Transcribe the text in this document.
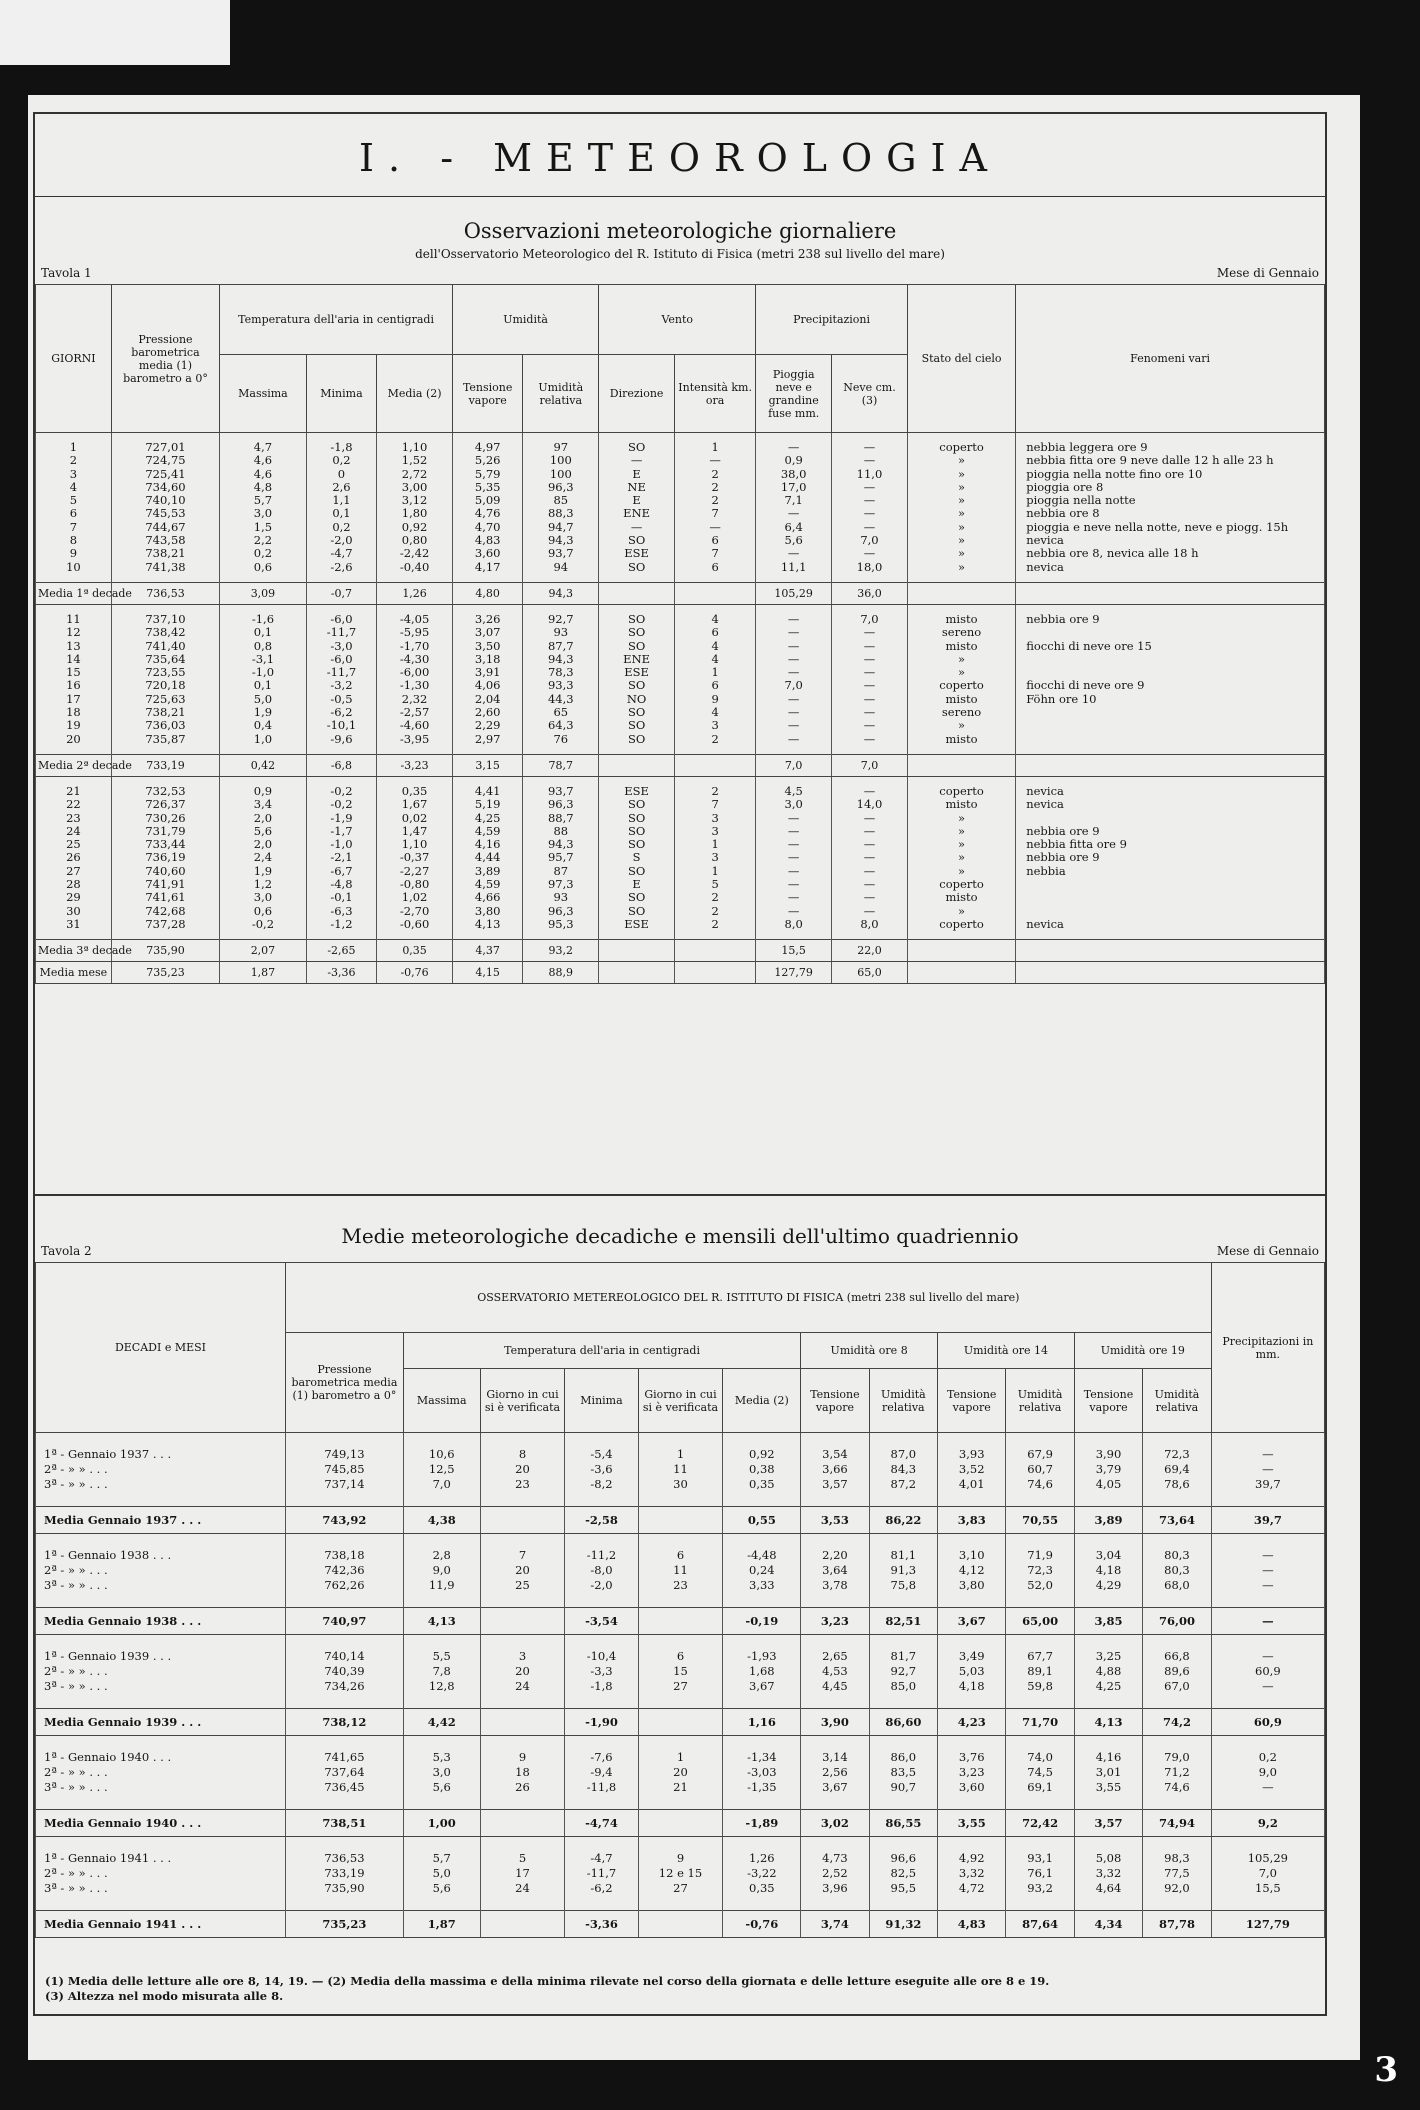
I. - METEOROLOGIA
Osservazioni meteorologiche giornaliere
dell'Osservatorio Meteorologico del R. Istituto di Fisica (metri 238 sul livello del mare)
Tavola 1	Mese di Gennaio
GIORNI	Pressione barometrica media (1) barometro a 0°	Temperatura dell'aria in centigradi			Umidità		Vento		Precipitazioni		Stato del cielo	Fenomeni vari
		Massima	Minima	Media (2)	Tensione vapore	Umidità relativa	Direzione	Intensità km. ora	Pioggia neve e grandine fuse mm.	Neve cm. (3)		

1	727,01	4,7	-1,8	1,10	4,97	97	SO	1	—	—	coperto	nebbia leggera ore 9
2	724,75	4,6	0,2	1,52	5,26	100	—	—	0,9	—	»	nebbia fitta ore 9 neve dalle 12 h alle 23 h
3	725,41	4,6	0	2,72	5,79	100	E	2	38,0	11,0	»	pioggia nella notte fino ore 10
4	734,60	4,8	2,6	3,00	5,35	96,3	NE	2	17,0	—	»	pioggia ore 8
5	740,10	5,7	1,1	3,12	5,09	85	E	2	7,1	—	»	pioggia nella notte
6	745,53	3,0	0,1	1,80	4,76	88,3	ENE	7	—	—	»	nebbia ore 8
7	744,67	1,5	0,2	0,92	4,70	94,7	—	—	6,4	—	»	pioggia e neve nella notte, neve e piogg. 15h
8	743,58	2,2	-2,0	0,80	4,83	94,3	SO	6	5,6	7,0	»	nevica
9	738,21	0,2	-4,7	-2,42	3,60	93,7	ESE	7	—	—	»	nebbia ore 8, nevica alle 18 h
10	741,38	0,6	-2,6	-0,40	4,17	94	SO	6	11,1	18,0	»	nevica

Media 1ª decade	736,53	3,09	-0,7	1,26	4,80	94,3			105,29	36,0		

11	737,10	-1,6	-6,0	-4,05	3,26	92,7	SO	4	—	7,0	misto	nebbia ore 9
12	738,42	0,1	-11,7	-5,95	3,07	93	SO	6	—	—	sereno	
13	741,40	0,8	-3,0	-1,70	3,50	87,7	SO	4	—	—	misto	fiocchi di neve ore 15
14	735,64	-3,1	-6,0	-4,30	3,18	94,3	ENE	4	—	—	»	
15	723,55	-1,0	-11,7	-6,00	3,91	78,3	ESE	1	—	—	»	
16	720,18	0,1	-3,2	-1,30	4,06	93,3	SO	6	7,0	—	coperto	fiocchi di neve ore 9
17	725,63	5,0	-0,5	2,32	2,04	44,3	NO	9	—	—	misto	Föhn ore 10
18	738,21	1,9	-6,2	-2,57	2,60	65	SO	4	—	—	sereno	
19	736,03	0,4	-10,1	-4,60	2,29	64,3	SO	3	—	—	»	
20	735,87	1,0	-9,6	-3,95	2,97	76	SO	2	—	—	misto	

Media 2ª decade	733,19	0,42	-6,8	-3,23	3,15	78,7			7,0	7,0		

21	732,53	0,9	-0,2	0,35	4,41	93,7	ESE	2	4,5	—	coperto	nevica
22	726,37	3,4	-0,2	1,67	5,19	96,3	SO	7	3,0	14,0	misto	nevica
23	730,26	2,0	-1,9	0,02	4,25	88,7	SO	3	—	—	»	
24	731,79	5,6	-1,7	1,47	4,59	88	SO	3	—	—	»	nebbia ore 9
25	733,44	2,0	-1,0	1,10	4,16	94,3	SO	1	—	—	»	nebbia fitta ore 9
26	736,19	2,4	-2,1	-0,37	4,44	95,7	S	3	—	—	»	nebbia ore 9
27	740,60	1,9	-6,7	-2,27	3,89	87	SO	1	—	—	»	nebbia
28	741,91	1,2	-4,8	-0,80	4,59	97,3	E	5	—	—	coperto	
29	741,61	3,0	-0,1	1,02	4,66	93	SO	2	—	—	misto	
30	742,68	0,6	-6,3	-2,70	3,80	96,3	SO	2	—	—	»	
31	737,28	-0,2	-1,2	-0,60	4,13	95,3	ESE	2	8,0	8,0	coperto	nevica

Media 3ª decade	735,90	2,07	-2,65	0,35	4,37	93,2			15,5	22,0		
Media mese	735,23	1,87	-3,36	-0,76	4,15	88,9			127,79	65,0		
Medie meteorologiche decadiche e mensili dell'ultimo quadriennio
Tavola 2	Mese di Gennaio
DECADI e MESI	OSSERVATORIO METEREOLOGICO DEL R. ISTITUTO DI FISICA (metri 238 sul livello del mare)												Precipitazioni in mm.
	Pressione barometrica media (1) barometro a 0°	Temperatura dell'aria in centigradi					Umidità ore 8		Umidità ore 14		Umidità ore 19		
		Massima	Giorno in cui si è verificata	Minima	Giorno in cui si è verificata	Media (2)	Tensione vapore	Umidità relativa	Tensione vapore	Umidità relativa	Tensione vapore	Umidità relativa	

1ª - Gennaio 1937 . . .	749,13	10,6	8	-5,4	1	0,92	3,54	87,0	3,93	67,9	3,90	72,3	—
2ª - » » . . .	745,85	12,5	20	-3,6	11	0,38	3,66	84,3	3,52	60,7	3,79	69,4	—
3ª - » » . . .	737,14	7,0	23	-8,2	30	0,35	3,57	87,2	4,01	74,6	4,05	78,6	39,7

Media Gennaio 1937 . . .	743,92	4,38		-2,58		0,55	3,53	86,22	3,83	70,55	3,89	73,64	39,7

1ª - Gennaio 1938 . . .	738,18	2,8	7	-11,2	6	-4,48	2,20	81,1	3,10	71,9	3,04	80,3	—
2ª - » » . . .	742,36	9,0	20	-8,0	11	0,24	3,64	91,3	4,12	72,3	4,18	80,3	—
3ª - » » . . .	762,26	11,9	25	-2,0	23	3,33	3,78	75,8	3,80	52,0	4,29	68,0	—

Media Gennaio 1938 . . .	740,97	4,13		-3,54		-0,19	3,23	82,51	3,67	65,00	3,85	76,00	—

1ª - Gennaio 1939 . . .	740,14	5,5	3	-10,4	6	-1,93	2,65	81,7	3,49	67,7	3,25	66,8	—
2ª - » » . . .	740,39	7,8	20	-3,3	15	1,68	4,53	92,7	5,03	89,1	4,88	89,6	60,9
3ª - » » . . .	734,26	12,8	24	-1,8	27	3,67	4,45	85,0	4,18	59,8	4,25	67,0	—

Media Gennaio 1939 . . .	738,12	4,42		-1,90		1,16	3,90	86,60	4,23	71,70	4,13	74,2	60,9

1ª - Gennaio 1940 . . .	741,65	5,3	9	-7,6	1	-1,34	3,14	86,0	3,76	74,0	4,16	79,0	0,2
2ª - » » . . .	737,64	3,0	18	-9,4	20	-3,03	2,56	83,5	3,23	74,5	3,01	71,2	9,0
3ª - » » . . .	736,45	5,6	26	-11,8	21	-1,35	3,67	90,7	3,60	69,1	3,55	74,6	—

Media Gennaio 1940 . . .	738,51	1,00		-4,74		-1,89	3,02	86,55	3,55	72,42	3,57	74,94	9,2

1ª - Gennaio 1941 . . .	736,53	5,7	5	-4,7	9	1,26	4,73	96,6	4,92	93,1	5,08	98,3	105,29
2ª - » » . . .	733,19	5,0	17	-11,7	12 e 15	-3,22	2,52	82,5	3,32	76,1	3,32	77,5	7,0
3ª - » » . . .	735,90	5,6	24	-6,2	27	0,35	3,96	95,5	4,72	93,2	4,64	92,0	15,5

Media Gennaio 1941 . . .	735,23	1,87		-3,36		-0,76	3,74	91,32	4,83	87,64	4,34	87,78	127,79
(1) Media delle letture alle ore 8, 14, 19. — (2) Media della massima e della minima rilevate nel corso della giornata e delle letture eseguite alle ore 8 e 19.
(3) Altezza nel modo misurata alle 8.
3
